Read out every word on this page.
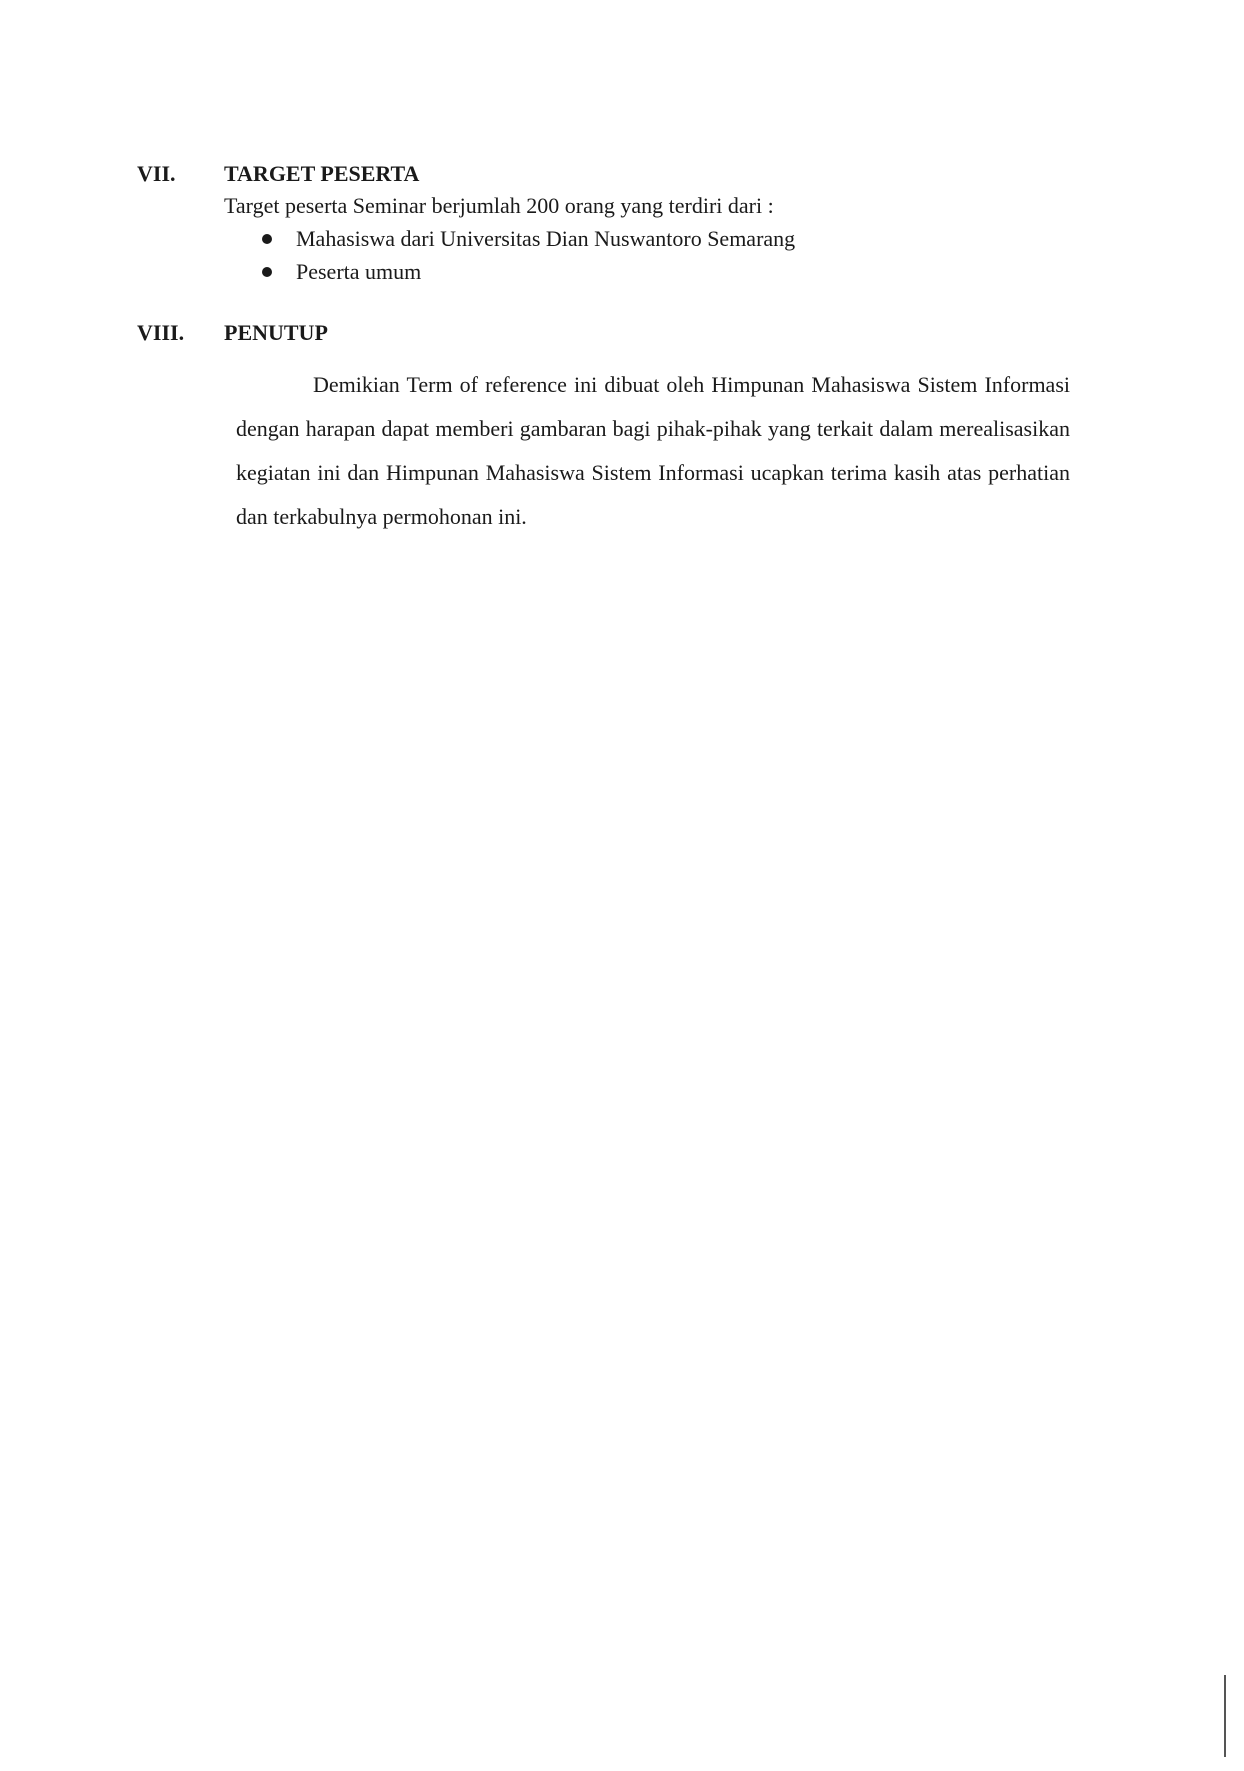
VII. TARGET PESERTA
Target peserta Seminar berjumlah 200 orang yang terdiri dari :
Mahasiswa dari Universitas Dian Nuswantoro Semarang
Peserta umum
VIII. PENUTUP

Demikian Term of reference ini dibuat oleh Himpunan Mahasiswa Sistem Informasi dengan harapan dapat memberi gambaran bagi pihak-pihak yang terkait dalam merealisasikan kegiatan ini dan Himpunan Mahasiswa Sistem Informasi ucapkan terima kasih atas perhatian dan terkabulnya permohonan ini.
